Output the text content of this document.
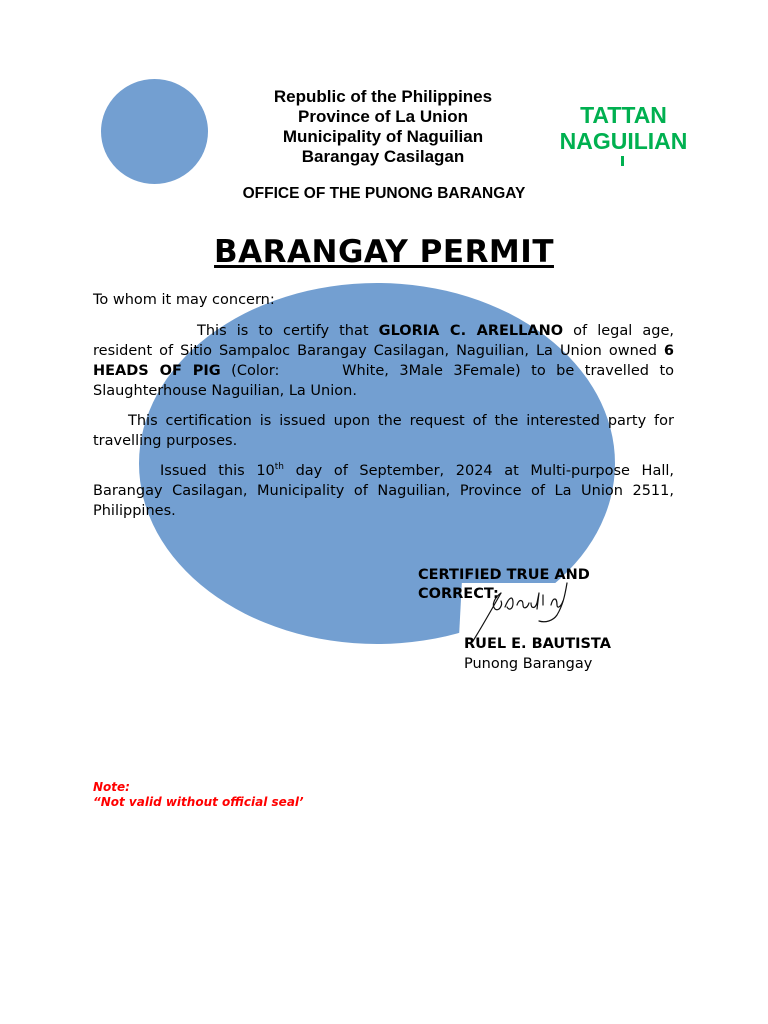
Republic of the Philippines
Province of La Union
Municipality of Naguilian
Barangay Casilagan
TATTAN
NAGUILIAN
OFFICE OF THE PUNONG BARANGAY
BARANGAY PERMIT
To whom it may concern:
This is to certify that GLORIA C. ARELLANO of legal age, resident of Sitio Sampaloc Barangay Casilagan, Naguilian, La Union owned 6 HEADS OF PIG (Color:      White, 3Male 3Female) to be travelled to Slaughterhouse Naguilian, La Union.
This certification is issued upon the request of the interested party for travelling purposes.
Issued this 10th day of September, 2024 at Multi-purpose Hall, Barangay Casilagan, Municipality of Naguilian, Province of La Union 2511, Philippines.
CERTIFIED TRUE AND CORRECT:
RUEL E. BAUTISTA
Punong Barangay
Note:
“Not valid without official seal’
